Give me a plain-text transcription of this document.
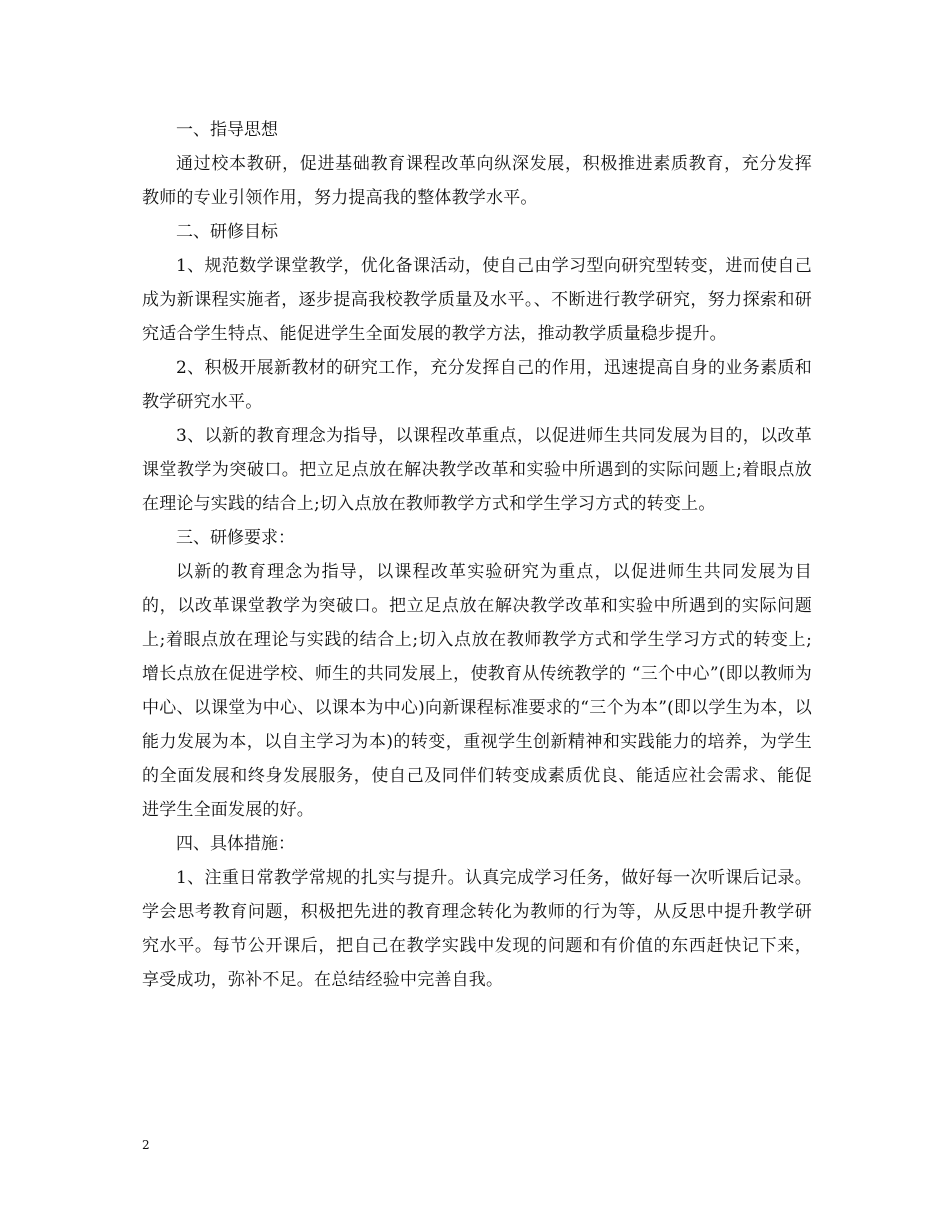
一、指导思想

通过校本教研，促进基础教育课程改革向纵深发展，积极推进素质教育，充分发挥教师的专业引领作用，努力提高我的整体教学水平。

二、研修目标

1、规范数学课堂教学，优化备课活动，使自己由学习型向研究型转变，进而使自己成为新课程实施者，逐步提高我校教学质量及水平。、不断进行教学研究，努力探索和研究适合学生特点、能促进学生全面发展的教学方法，推动教学质量稳步提升。

2、积极开展新教材的研究工作，充分发挥自己的作用，迅速提高自身的业务素质和教学研究水平。

3、以新的教育理念为指导，以课程改革重点，以促进师生共同发展为目的，以改革课堂教学为突破口。把立足点放在解决教学改革和实验中所遇到的实际问题上;着眼点放在理论与实践的结合上;切入点放在教师教学方式和学生学习方式的转变上。

三、研修要求：

以新的教育理念为指导，以课程改革实验研究为重点，以促进师生共同发展为目的，以改革课堂教学为突破口。把立足点放在解决教学改革和实验中所遇到的实际问题上;着眼点放在理论与实践的结合上;切入点放在教师教学方式和学生学习方式的转变上;增长点放在促进学校、师生的共同发展上，使教育从传统教学的 “三个中心”(即以教师为中心、以课堂为中心、以课本为中心)向新课程标准要求的“三个为本”(即以学生为本，以能力发展为本，以自主学习为本)的转变，重视学生创新精神和实践能力的培养，为学生的全面发展和终身发展服务，使自己及同伴们转变成素质优良、能适应社会需求、能促进学生全面发展的好。

四、具体措施：

1、注重日常教学常规的扎实与提升。认真完成学习任务，做好每一次听课后记录。学会思考教育问题，积极把先进的教育理念转化为教师的行为等，从反思中提升教学研究水平。每节公开课后，把自己在教学实践中发现的问题和有价值的东西赶快记下来，享受成功，弥补不足。在总结经验中完善自我。

2
